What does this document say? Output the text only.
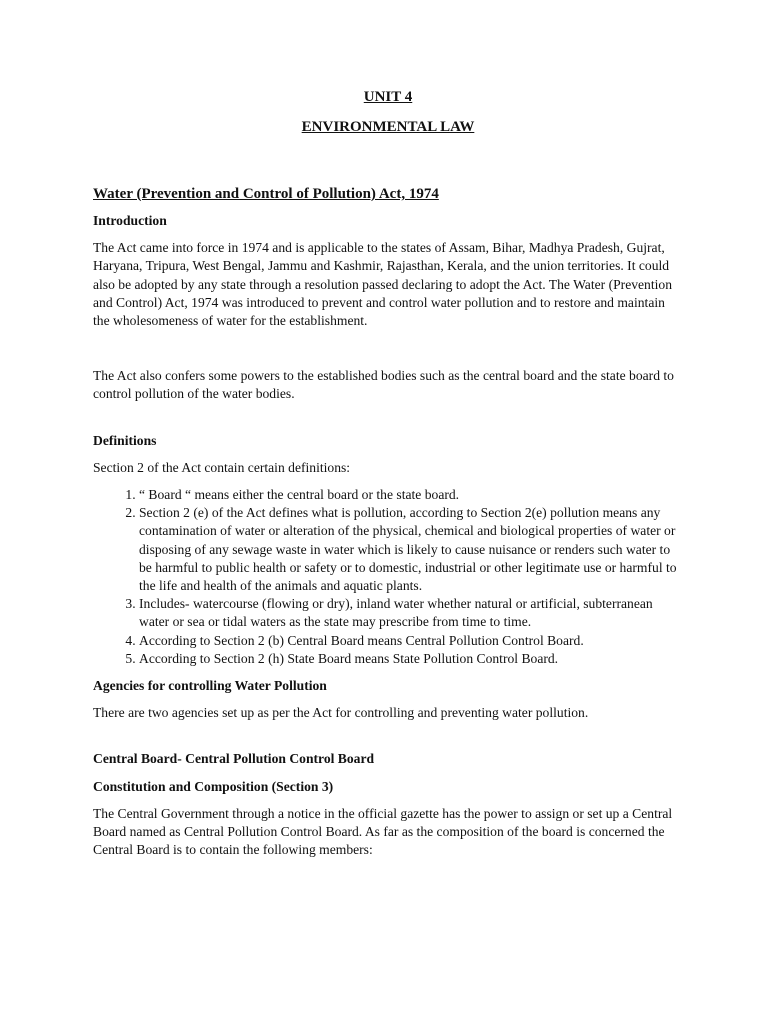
UNIT 4
ENVIRONMENTAL LAW
Water (Prevention and Control of Pollution) Act, 1974
Introduction

The Act came into force in 1974 and is applicable to the states of Assam, Bihar, Madhya Pradesh, Gujrat, Haryana, Tripura, West Bengal, Jammu and Kashmir, Rajasthan, Kerala, and the union territories. It could also be adopted by any state through a resolution passed declaring to adopt the Act. The Water (Prevention and Control) Act, 1974 was introduced to prevent and control water pollution and to restore and maintain the wholesomeness of water for the establishment.

The Act also confers some powers to the established bodies such as the central board and the state board to control pollution of the water bodies.

Definitions

Section 2 of the Act contain certain definitions:

1. “ Board “ means either the central board or the state board.
2. Section 2 (e) of the Act defines what is pollution, according to Section 2(e) pollution means any contamination of water or alteration of the physical, chemical and biological properties of water or disposing of any sewage waste in water which is likely to cause nuisance or renders such water to be harmful to public health or safety or to domestic, industrial or other legitimate use or harmful to the life and health of the animals and aquatic plants.
3. Includes- watercourse (flowing or dry), inland water whether natural or artificial, subterranean water or sea or tidal waters as the state may prescribe from time to time.
4. According to Section 2 (b) Central Board means Central Pollution Control Board.
5. According to Section 2 (h) State Board means State Pollution Control Board.
Agencies for controlling Water Pollution

There are two agencies set up as per the Act for controlling and preventing water pollution.

Central Board- Central Pollution Control Board
Constitution and Composition (Section 3)

The Central Government through a notice in the official gazette has the power to assign or set up a Central Board named as Central Pollution Control Board. As far as the composition of the board is concerned the Central Board is to contain the following members:
